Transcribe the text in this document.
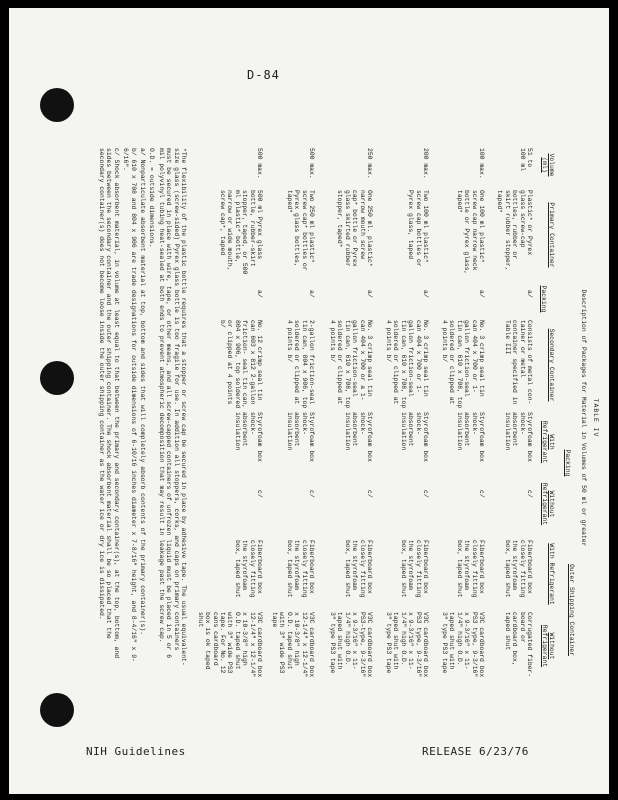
D-84
TABLE IV
Description of Packages for Material in Volumes of 50 ml or greater
Packing
Outer Shipping Container
Volume (ml)
Primary Container
Packing
Secondary Container
With Refrigerant
Without Refrigerant
With Refrigerant
Without Refrigerant
51 to 100 ml
Plastic* or Pyrex glass screw-cap bottles, rubber or skirt rubber stopper, taped*
a/
Consists of metal con- tainer or metal container specified in Table III
Styrofoam box shock- absorbent insulation
c/
Fiberboard box closely fitting the styrofoam box, taped shut
Corrugated fiber- board or cardboard box, taped shut
100 max.
One 100 ml plastic* screw cap narrow neck bottle or Pyrex glass, taped*
a/
No. 3 crimp seal tin can 404 x 700 or 1-gallon friction-seal tin can, 610 x 708, top soldered or clipped at 4 points b/
Styrofoam box shock- absorbent insulation
c/
Fiberboard box closely fitting the styrofoam box, taped shut
V3C cardboard box PS3 type, 9-3/16" x 9-3/16" x 11-1/4" high O.D. taped shut with 3" type PS3 tape
200 max.
Two 100 ml plastic* screw cap bottles or Pyrex glass, taped
a/
No. 3 crimp seal tin can 404 x 700 or 1-gallon friction-seal tin can, 610 x 708, top soldered or clipped at 4 points b/
Styrofoam box shock- absorbent insulation
c/
Fiberboard box closely fitting the styrofoam box, taped shut
V3C cardboard box PS3 type, 9-3/16" x 9-3/16" x 11-1/4" high O.D. taped shut with 3" type PS3 tape
250 max.
One 250 ml. plastic* narrow mouth screw cap* bottle or Pyrex glass skirted rubber stopper, taped*
a/
No. 3 crimp seal tin can 404 x 700 or a 1-gallon friction-seal tin can, 610 x 708, top soldered or clipped at 4 points b/
Styrofoam box shock- absorbent insulation
c/
Fiberboard box closely fitting the styrofoam box, taped shut
V3C cardboard box PS3-type, 9-3/16" x 9-3/16" x 11-1/4" high O.D. taped shut with 3" type PS3 tape
500 max.
Two 250 ml plastic* screw cap* bottles or Pyrex glass bottles, taped*
a/
2-gallon friction-seal tin can, 804 x 906, top soldered or clipped at 4 points b/
Styrofoam box shock- absorbent insulation
c/
Fiberboard box closely fitting the styrofoam box, taped shut
V3C cardboard box 12-1/4" x 12-1/4" x 10-3/8" high O.D. taped shut with 3" wide PS3 tape
500 max.
500 ml Pyrex glass bottle, rubber-skirt stopper, taped, or 500 ml plastic* bottle, narrow or wide mouth, screw cap*, taped
a/
No. 12 crimp seal tin can 603 x 812 2-gallon friction- seal tin can, 804 x 906, top soldered or clipped at 4 points b/
Styrofoam box shock- absorbent insulation
c/
Fiberboard box closely fitting the styrofoam box, taped shut
V3C cardboard box 12-1/4" x 12-1/4" x 10-3/8" high O.D. taped shut with 3" wide PS3 tape. For No. 12 cans cardboard box is ok taped shut
*The flexibility of the plastic bottle requires that a stopper or screw cap be secured in place by adhesive tape. The usual equivalent-size glass (screw-sided) Pyrex glass bottle is too fragile for use. In addition all stoppers, corks, and caps on primary containers must be secured in place with wire, tape, or other means, and all screw-capped containers of unfrozen liquid must be placed in 5 or 6 mil polyvinyl tubing heat-sealed at both ends to prevent atmospheric decomposition that may result in leakage past the screw cap.
O.D. = outside dimensions.
a/ Nonparticulate absorbent material at top, bottom and sides that will completely absorb contents of the primary container(s).
b/ 610 x 708 and 804 x 906 are trade designations for outside dimensions of 6-10/16 inches diameter x 7-8/16" height, and 8-4/16" x 9-6/16".
c/ Shock absorbent material, in volume at least equal to that between the primary and secondary container(s), at the top, bottom, and sides between the secondary container and the outer shipping container. The shock absorbent material shall be so placed that the secondary container(s) does not become loose inside the outer shipping container as the water ice or dry ice is dissipated.
NIH Guidelines	RELEASE 6/23/76
